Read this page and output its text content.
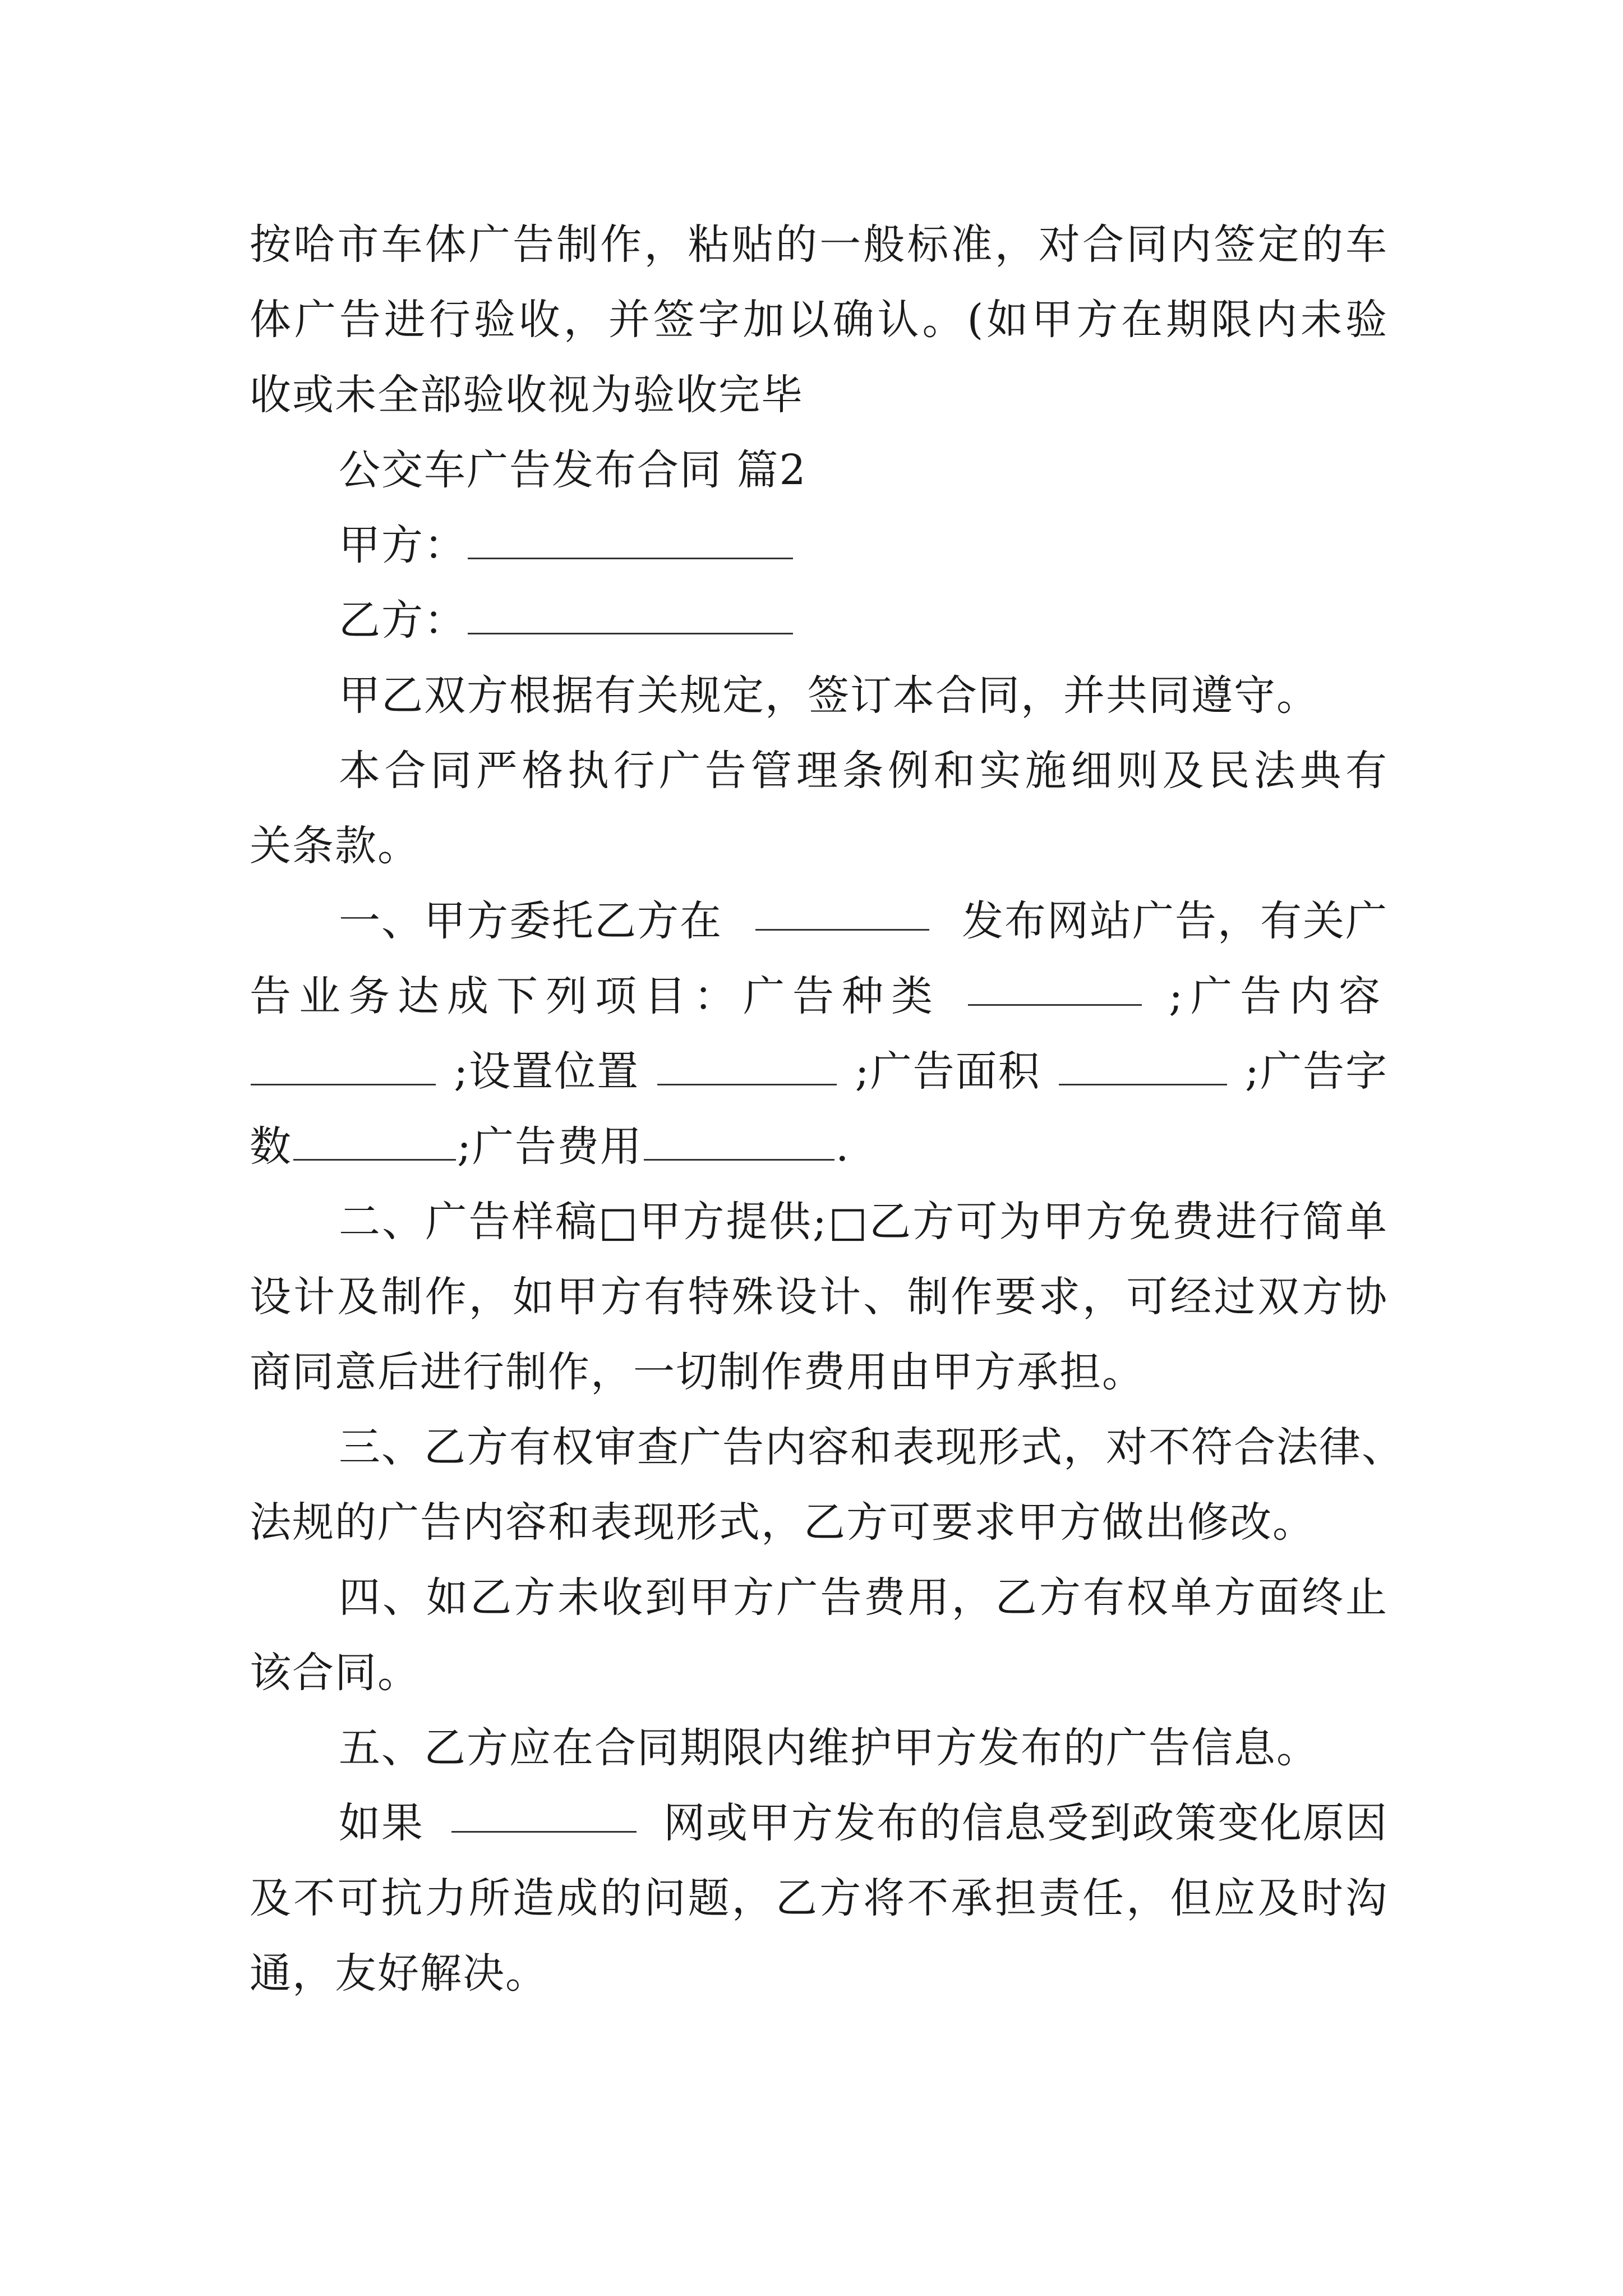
按哈市车体广告制作，粘贴的一般标准，对合同内签定的车
体广告进行验收，并签字加以确认。(如甲方在期限内未验
收或未全部验收视为验收完毕
公交车广告发布合同 篇2
甲方：
乙方：
甲乙双方根据有关规定，签订本合同，并共同遵守。
本合同严格执行广告管理条例和实施细则及民法典有
关条款。
一、甲方委托乙方在	发布网站广告，有关广
告业务达成下列项目：广告种类	;广告内容
;设置位置	;广告面积	;广告字
数	;广告费用	.
二、广告样稿□甲方提供;□乙方可为甲方免费进行简单
设计及制作，如甲方有特殊设计、制作要求，可经过双方协
商同意后进行制作，一切制作费用由甲方承担。
三、乙方有权审查广告内容和表现形式，对不符合法律、
法规的广告内容和表现形式，乙方可要求甲方做出修改。
四、如乙方未收到甲方广告费用，乙方有权单方面终止
该合同。
五、乙方应在合同期限内维护甲方发布的广告信息。
如果	网或甲方发布的信息受到政策变化原因
及不可抗力所造成的问题，乙方将不承担责任，但应及时沟
通，友好解决。
